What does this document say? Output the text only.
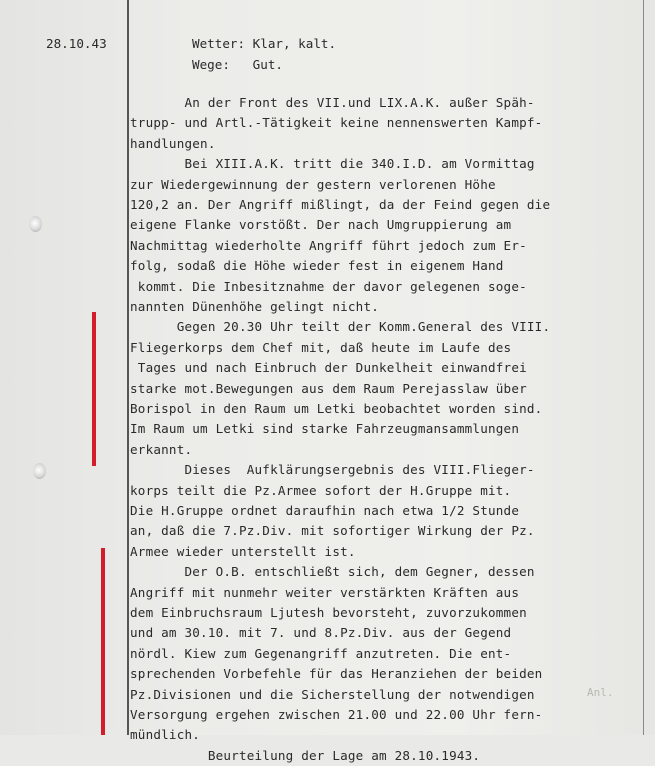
28.10.43	Wetter: Klar, kalt.
Wege:   Gut.
Anl.
An der Front des VII.und LIX.A.K. außer Späh-
trupp- und Artl.-Tätigkeit keine nennenswerten Kampf-
handlungen.
Bei XIII.A.K. tritt die 340.I.D. am Vormittag
zur Wiedergewinnung der gestern verlorenen Höhe
120,2 an. Der Angriff mißlingt, da der Feind gegen die
eigene Flanke vorstößt. Der nach Umgruppierung am
Nachmittag wiederholte Angriff führt jedoch zum Er-
folg, sodaß die Höhe wieder fest in eigenem Hand
kommt. Die Inbesitznahme der davor gelegenen soge-
nannten Dünenhöhe gelingt nicht.
Gegen 20.30 Uhr teilt der Komm.General des VIII.
Fliegerkorps dem Chef mit, daß heute im Laufe des
Tages und nach Einbruch der Dunkelheit einwandfrei
starke mot.Bewegungen aus dem Raum Perejasslaw über
Borispol in den Raum um Letki beobachtet worden sind.
Im Raum um Letki sind starke Fahrzeugmansammlungen
erkannt.
Dieses  Aufklärungsergebnis des VIII.Flieger-
korps teilt die Pz.Armee sofort der H.Gruppe mit.
Die H.Gruppe ordnet daraufhin nach etwa 1/2 Stunde
an, daß die 7.Pz.Div. mit sofortiger Wirkung der Pz.
Armee wieder unterstellt ist.
Der O.B. entschließt sich, dem Gegner, dessen
Angriff mit nunmehr weiter verstärkten Kräften aus
dem Einbruchsraum Ljutesh bevorsteht, zuvorzukommen
und am 30.10. mit 7. und 8.Pz.Div. aus der Gegend
nördl. Kiew zum Gegenangriff anzutreten. Die ent-
sprechenden Vorbefehle für das Heranziehen der beiden
Pz.Divisionen und die Sicherstellung der notwendigen
Versorgung ergehen zwischen 21.00 und 22.00 Uhr fern-
mündlich.
Beurteilung der Lage am 28.10.1943.
